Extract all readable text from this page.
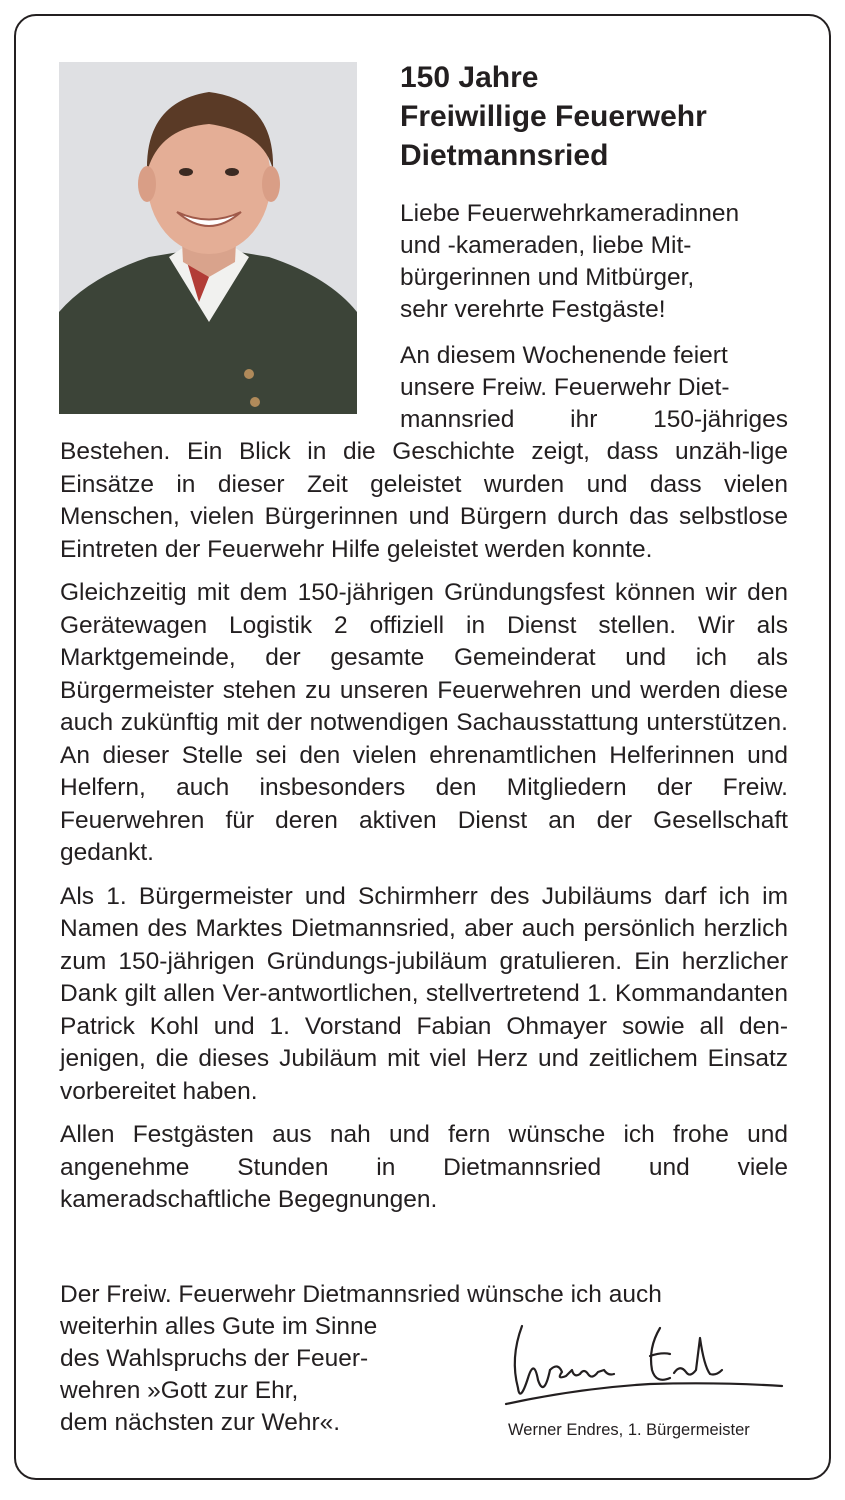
150 Jahre
Freiwillige Feuerwehr
Dietmannsried

Liebe Feuerwehrkameradinnen
und -kameraden, liebe Mit-
bürgerinnen und Mitbürger,
sehr verehrte Festgäste!

An diesem Wochenende feiert
unsere Freiw. Feuerwehr Diet-
mannsried ihr 150-jähriges

Bestehen. Ein Blick in die Geschichte zeigt, dass unzäh-lige Einsätze in dieser Zeit geleistet wurden und dass vielen Menschen, vielen Bürgerinnen und Bürgern durch das selbstlose Eintreten der Feuerwehr Hilfe geleistet werden konnte.

Gleichzeitig mit dem 150-jährigen Gründungsfest können wir den Gerätewagen Logistik 2 offiziell in Dienst stellen. Wir als Marktgemeinde, der gesamte Gemeinderat und ich als Bürgermeister stehen zu unseren Feuerwehren und werden diese auch zukünftig mit der notwendigen Sachausstattung unterstützen. An dieser Stelle sei den vielen ehrenamtlichen Helferinnen und Helfern, auch insbesonders den Mitgliedern der Freiw. Feuerwehren für deren aktiven Dienst an der Gesellschaft gedankt.

Als 1. Bürgermeister und Schirmherr des Jubiläums darf ich im Namen des Marktes Dietmannsried, aber auch persönlich herzlich zum 150-jährigen Gründungs-jubiläum gratulieren. Ein herzlicher Dank gilt allen Ver-antwortlichen, stellvertretend 1. Kommandanten Patrick Kohl und 1. Vorstand Fabian Ohmayer sowie all den-jenigen, die dieses Jubiläum mit viel Herz und zeitlichem Einsatz vorbereitet haben.

Allen Festgästen aus nah und fern wünsche ich frohe und angenehme Stunden in Dietmannsried und viele kameradschaftliche Begegnungen.

Der Freiw. Feuerwehr Dietmannsried wünsche ich auch
weiterhin alles Gute im Sinne
des Wahlspruchs der Feuer-
wehren »Gott zur Ehr,
dem nächsten zur Wehr«.	Werner Endres, 1. Bürgermeister
